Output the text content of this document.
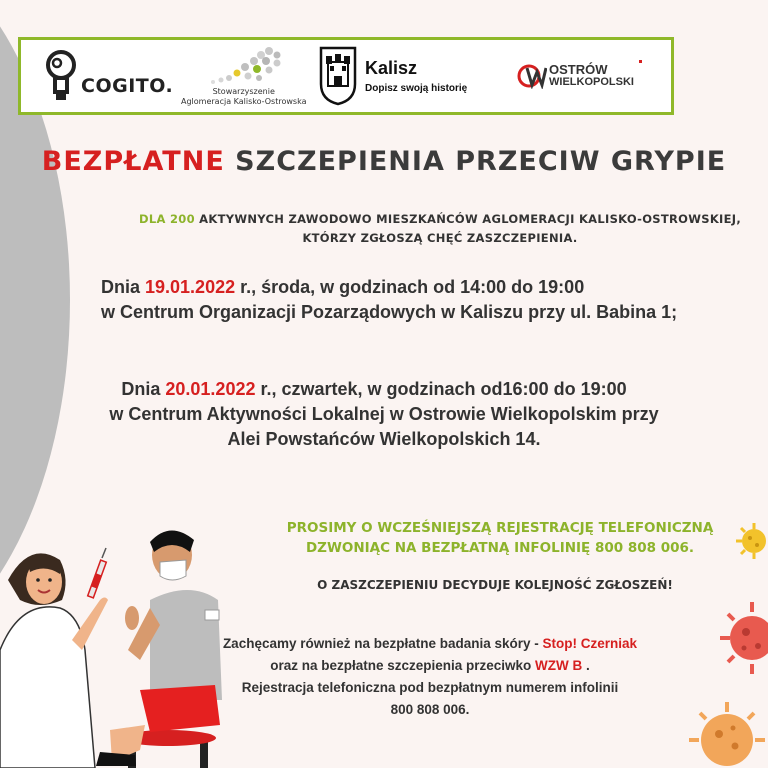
COGITO.	Stowarzyszenie
Aglomeracja Kalisko-Ostrowska
Kalisz
Dopisz swoją historię
OSTRÓW
WIELKOPOLSKI
BEZPŁATNE SZCZEPIENIA PRZECIW GRYPIE
DLA 200 AKTYWNYCH ZAWODOWO MIESZKAŃCÓW AGLOMERACJI KALISKO-OSTROWSKIEJ,
KTÓRZY ZGŁOSZĄ CHĘĆ ZASZCZEPIENIA.
Dnia 19.01.2022 r., środa, w godzinach od 14:00 do 19:00
w Centrum Organizacji Pozarządowych w Kaliszu przy ul. Babina 1;
Dnia 20.01.2022 r., czwartek, w godzinach od16:00 do 19:00
w Centrum Aktywności Lokalnej w Ostrowie Wielkopolskim przy
Alei Powstańców Wielkopolskich 14.
PROSIMY O WCZEŚNIEJSZĄ REJESTRACJĘ TELEFONICZNĄ
DZWONIĄC NA BEZPŁATNĄ INFOLINIĘ 800 808 006.
O ZASZCZEPIENIU DECYDUJE KOLEJNOŚĆ ZGŁOSZEŃ!
Zachęcamy również na bezpłatne badania skóry - Stop! Czerniak
oraz na bezpłatne szczepienia przeciwko WZW B .
Rejestracja telefoniczna pod bezpłatnym numerem infolinii
800 808 006.
